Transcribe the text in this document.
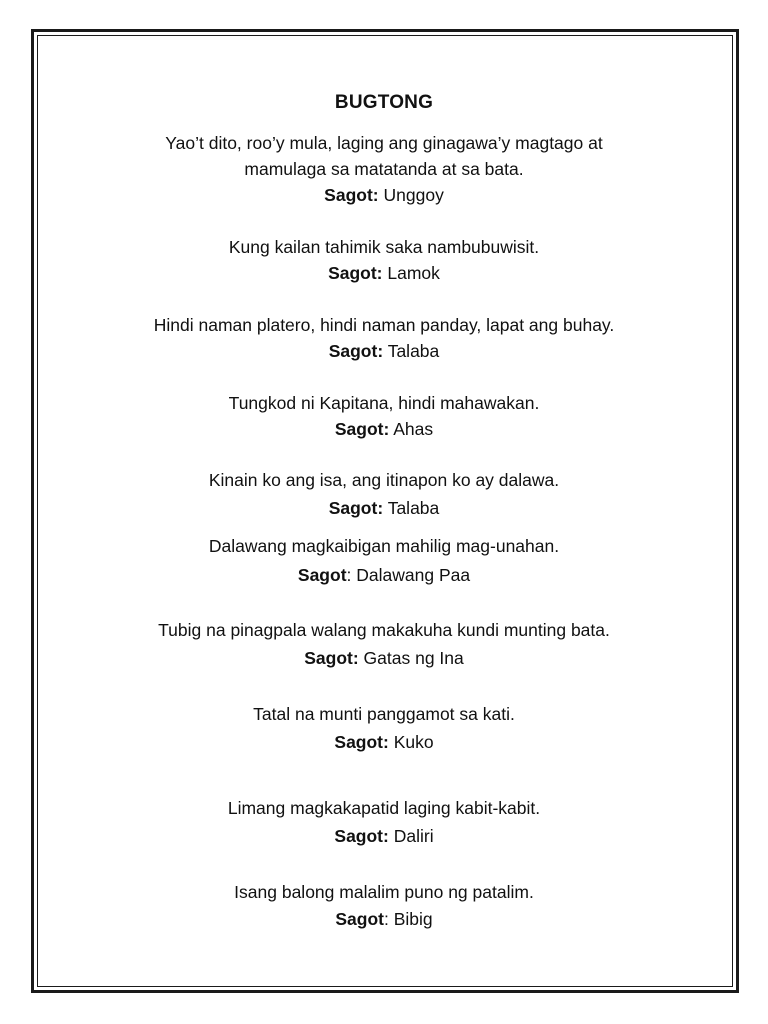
BUGTONG
Yao’t dito, roo’y mula, laging ang ginagawa’y magtago at
mamulaga sa matatanda at sa bata.
Sagot: Unggoy
Kung kailan tahimik saka nambubuwisit.
Sagot: Lamok
Hindi naman platero, hindi naman panday, lapat ang buhay.
Sagot: Talaba
Tungkod ni Kapitana, hindi mahawakan.
Sagot: Ahas
Kinain ko ang isa, ang itinapon ko ay dalawa.
Sagot: Talaba
Dalawang magkaibigan mahilig mag-unahan.
Sagot: Dalawang Paa
Tubig na pinagpala walang makakuha kundi munting bata.
Sagot: Gatas ng Ina
Tatal na munti panggamot sa kati.
Sagot: Kuko
Limang magkakapatid laging kabit-kabit.
Sagot: Daliri
Isang balong malalim puno ng patalim.
Sagot: Bibig
